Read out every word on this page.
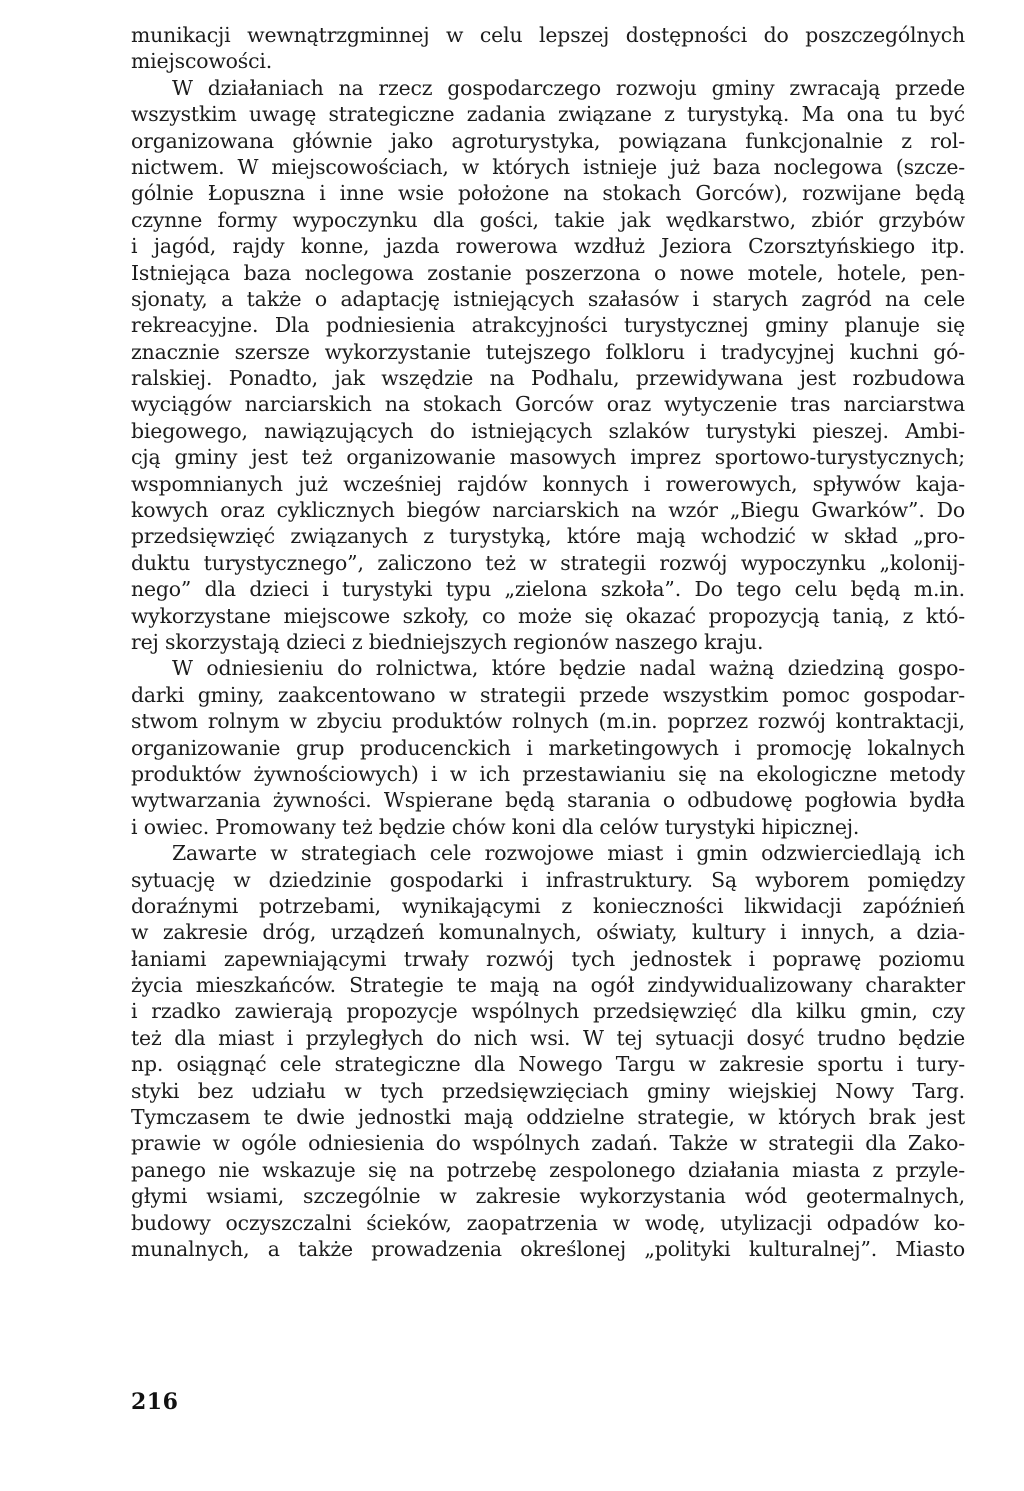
munikacji wewnątrzgminnej w celu lepszej dostępności do poszczególnych
miejscowości.

W działaniach na rzecz gospodarczego rozwoju gminy zwracają przede
wszystkim uwagę strategiczne zadania związane z turystyką. Ma ona tu być
organizowana głównie jako agroturystyka, powiązana funkcjonalnie z rol-
nictwem. W miejscowościach, w których istnieje już baza noclegowa (szcze-
gólnie Łopuszna i inne wsie położone na stokach Gorców), rozwijane będą
czynne formy wypoczynku dla gości, takie jak wędkarstwo, zbiór grzybów
i jagód, rajdy konne, jazda rowerowa wzdłuż Jeziora Czorsztyńskiego itp.
Istniejąca baza noclegowa zostanie poszerzona o nowe motele, hotele, pen-
sjonaty, a także o adaptację istniejących szałasów i starych zagród na cele
rekreacyjne. Dla podniesienia atrakcyjności turystycznej gminy planuje się
znacznie szersze wykorzystanie tutejszego folkloru i tradycyjnej kuchni gó-
ralskiej. Ponadto, jak wszędzie na Podhalu, przewidywana jest rozbudowa
wyciągów narciarskich na stokach Gorców oraz wytyczenie tras narciarstwa
biegowego, nawiązujących do istniejących szlaków turystyki pieszej. Ambi-
cją gminy jest też organizowanie masowych imprez sportowo-turystycznych;
wspomnianych już wcześniej rajdów konnych i rowerowych, spływów kaja-
kowych oraz cyklicznych biegów narciarskich na wzór „Biegu Gwarków”. Do
przedsięwzięć związanych z turystyką, które mają wchodzić w skład „pro-
duktu turystycznego”, zaliczono też w strategii rozwój wypoczynku „kolonij-
nego” dla dzieci i turystyki typu „zielona szkoła”. Do tego celu będą m.in.
wykorzystane miejscowe szkoły, co może się okazać propozycją tanią, z któ-
rej skorzystają dzieci z biedniejszych regionów naszego kraju.

W odniesieniu do rolnictwa, które będzie nadal ważną dziedziną gospo-
darki gminy, zaakcentowano w strategii przede wszystkim pomoc gospodar-
stwom rolnym w zbyciu produktów rolnych (m.in. poprzez rozwój kontraktacji,
organizowanie grup producenckich i marketingowych i promocję lokalnych
produktów żywnościowych) i w ich przestawianiu się na ekologiczne metody
wytwarzania żywności. Wspierane będą starania o odbudowę pogłowia bydła
i owiec. Promowany też będzie chów koni dla celów turystyki hipicznej.

Zawarte w strategiach cele rozwojowe miast i gmin odzwierciedlają ich
sytuację w dziedzinie gospodarki i infrastruktury. Są wyborem pomiędzy
doraźnymi potrzebami, wynikającymi z konieczności likwidacji zapóźnień
w zakresie dróg, urządzeń komunalnych, oświaty, kultury i innych, a dzia-
łaniami zapewniającymi trwały rozwój tych jednostek i poprawę poziomu
życia mieszkańców. Strategie te mają na ogół zindywidualizowany charakter
i rzadko zawierają propozycje wspólnych przedsięwzięć dla kilku gmin, czy
też dla miast i przyległych do nich wsi. W tej sytuacji dosyć trudno będzie
np. osiągnąć cele strategiczne dla Nowego Targu w zakresie sportu i tury-
styki bez udziału w tych przedsięwzięciach gminy wiejskiej Nowy Targ.
Tymczasem te dwie jednostki mają oddzielne strategie, w których brak jest
prawie w ogóle odniesienia do wspólnych zadań. Także w strategii dla Zako-
panego nie wskazuje się na potrzebę zespolonego działania miasta z przyle-
głymi wsiami, szczególnie w zakresie wykorzystania wód geotermalnych,
budowy oczyszczalni ścieków, zaopatrzenia w wodę, utylizacji odpadów ko-
munalnych, a także prowadzenia określonej „polityki kulturalnej”. Miasto

216
